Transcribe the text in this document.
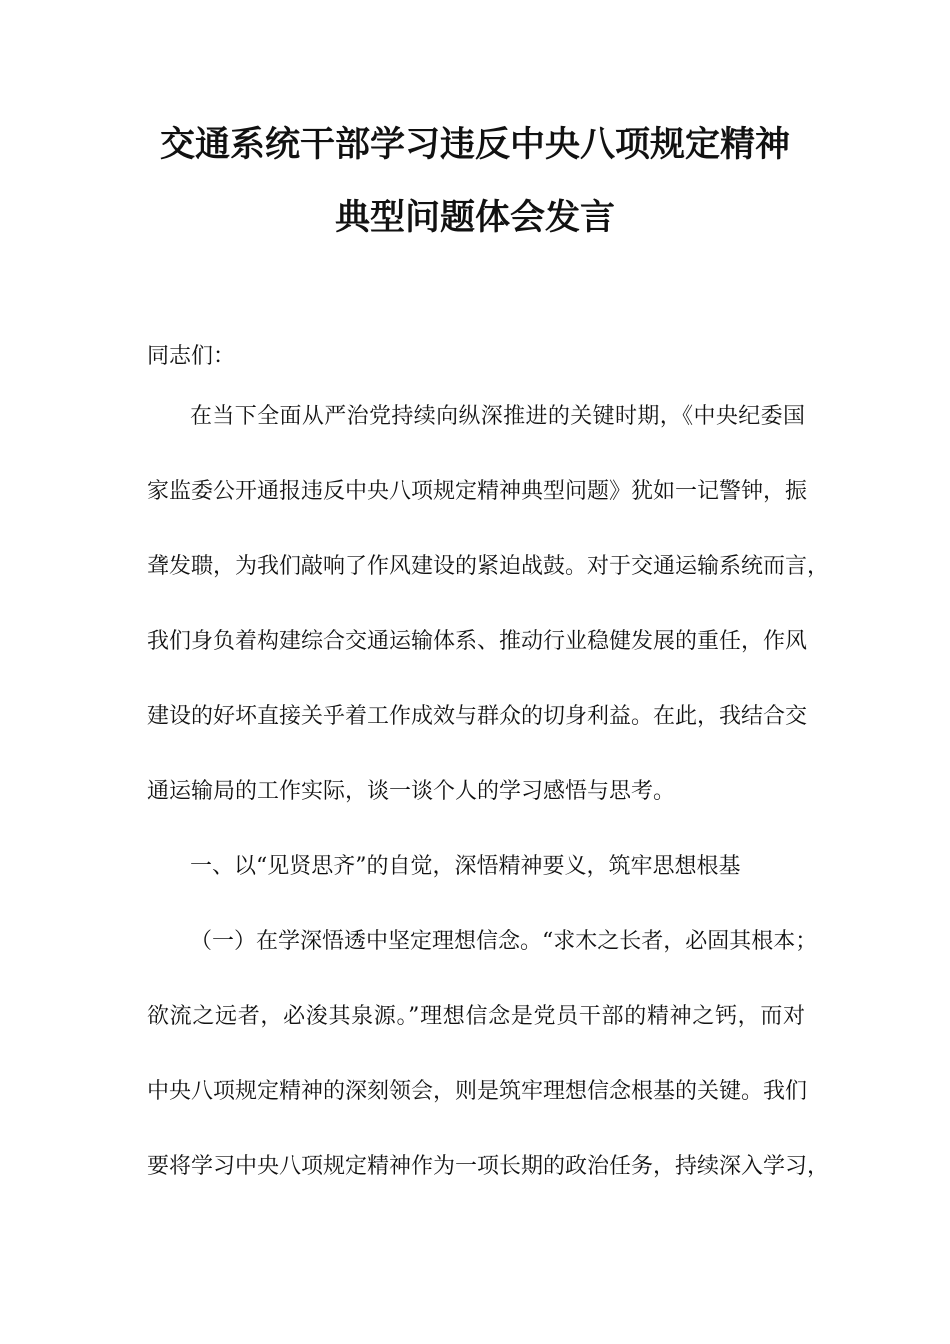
交通系统干部学习违反中央八项规定精神
典型问题体会发言
同志们：
在当下全面从严治党持续向纵深推进的关键时期，《中央纪委国
家监委公开通报违反中央八项规定精神典型问题》犹如一记警钟，振
聋发聩，为我们敲响了作风建设的紧迫战鼓。对于交通运输系统而言，
我们身负着构建综合交通运输体系、推动行业稳健发展的重任，作风
建设的好坏直接关乎着工作成效与群众的切身利益。在此，我结合交
通运输局的工作实际，谈一谈个人的学习感悟与思考。
一、以“见贤思齐”的自觉，深悟精神要义，筑牢思想根基
（一）在学深悟透中坚定理想信念。“求木之长者，必固其根本；
欲流之远者，必浚其泉源。”理想信念是党员干部的精神之钙，而对
中央八项规定精神的深刻领会，则是筑牢理想信念根基的关键。我们
要将学习中央八项规定精神作为一项长期的政治任务，持续深入学习，
